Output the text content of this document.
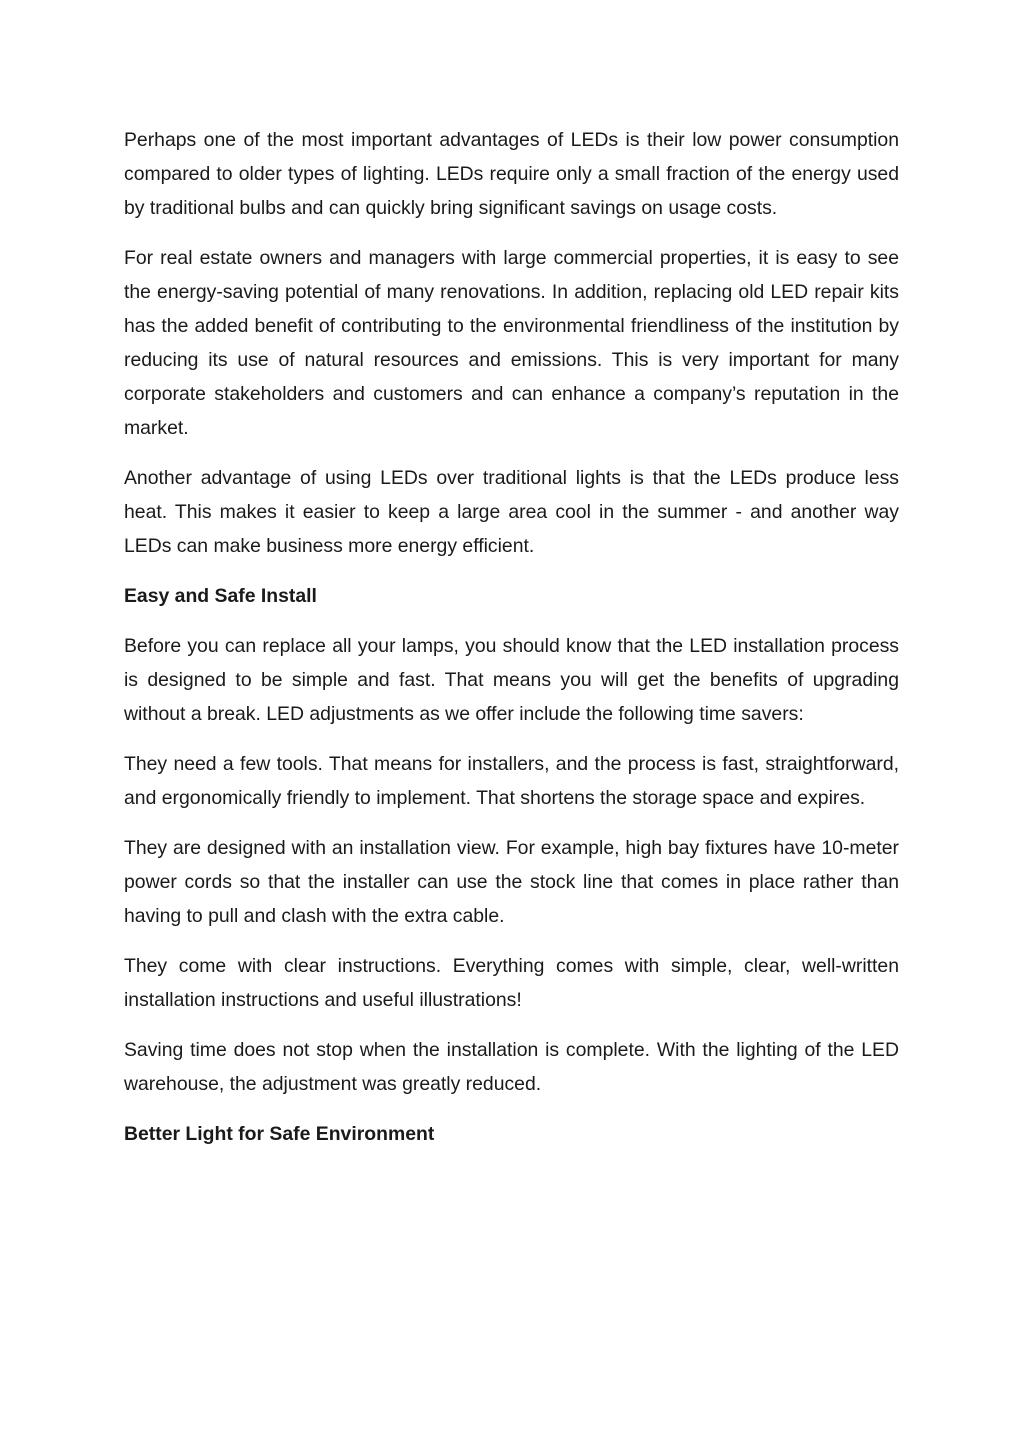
Perhaps one of the most important advantages of LEDs is their low power consumption compared to older types of lighting. LEDs require only a small fraction of the energy used by traditional bulbs and can quickly bring significant savings on usage costs.

For real estate owners and managers with large commercial properties, it is easy to see the energy-saving potential of many renovations. In addition, replacing old LED repair kits has the added benefit of contributing to the environmental friendliness of the institution by reducing its use of natural resources and emissions. This is very important for many corporate stakeholders and customers and can enhance a company’s reputation in the market.

Another advantage of using LEDs over traditional lights is that the LEDs produce less heat. This makes it easier to keep a large area cool in the summer - and another way LEDs can make business more energy efficient.

Easy and Safe Install

Before you can replace all your lamps, you should know that the LED installation process is designed to be simple and fast. That means you will get the benefits of upgrading without a break. LED adjustments as we offer include the following time savers:

They need a few tools. That means for installers, and the process is fast, straightforward, and ergonomically friendly to implement. That shortens the storage space and expires.

They are designed with an installation view. For example, high bay fixtures have 10-meter power cords so that the installer can use the stock line that comes in place rather than having to pull and clash with the extra cable.

They come with clear instructions. Everything comes with simple, clear, well-written installation instructions and useful illustrations!

Saving time does not stop when the installation is complete. With the lighting of the LED warehouse, the adjustment was greatly reduced.

Better Light for Safe Environment
